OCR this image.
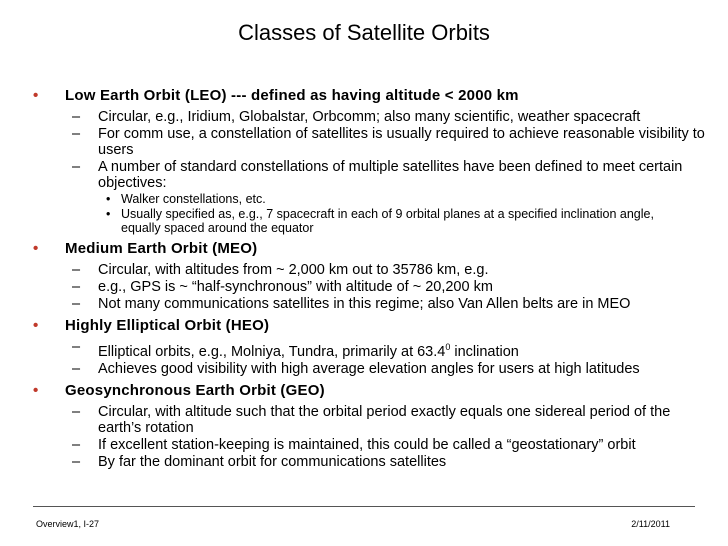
Classes of Satellite Orbits
• Low Earth Orbit (LEO) --- defined as having altitude < 2000 km
– Circular, e.g., Iridium, Globalstar, Orbcomm; also many scientific, weather spacecraft
– For comm use, a constellation of satellites is usually required to achieve reasonable visibility to users
– A number of standard constellations of multiple satellites have been defined to meet certain objectives:
• Walker constellations, etc.
• Usually specified as, e.g., 7 spacecraft in each of 9 orbital planes at a specified inclination angle, equally spaced around the equator
• Medium Earth Orbit (MEO)
– Circular, with altitudes from ~ 2,000 km out to 35786 km, e.g.
– e.g., GPS is ~ “half-synchronous” with altitude of ~ 20,200 km
– Not many communications satellites in this regime; also Van Allen belts are in MEO
• Highly Elliptical Orbit (HEO)
– Elliptical orbits, e.g., Molniya, Tundra, primarily at 63.4$^0$ inclination
– Achieves good visibility with high average elevation angles for users at high latitudes
• Geosynchronous Earth Orbit (GEO)
– Circular, with altitude such that the orbital period exactly equals one sidereal period of the earth’s rotation
– If excellent station-keeping is maintained, this could be called a “geostationary” orbit
– By far the dominant orbit for communications satellites
Overview1, I-27	2/11/2011
